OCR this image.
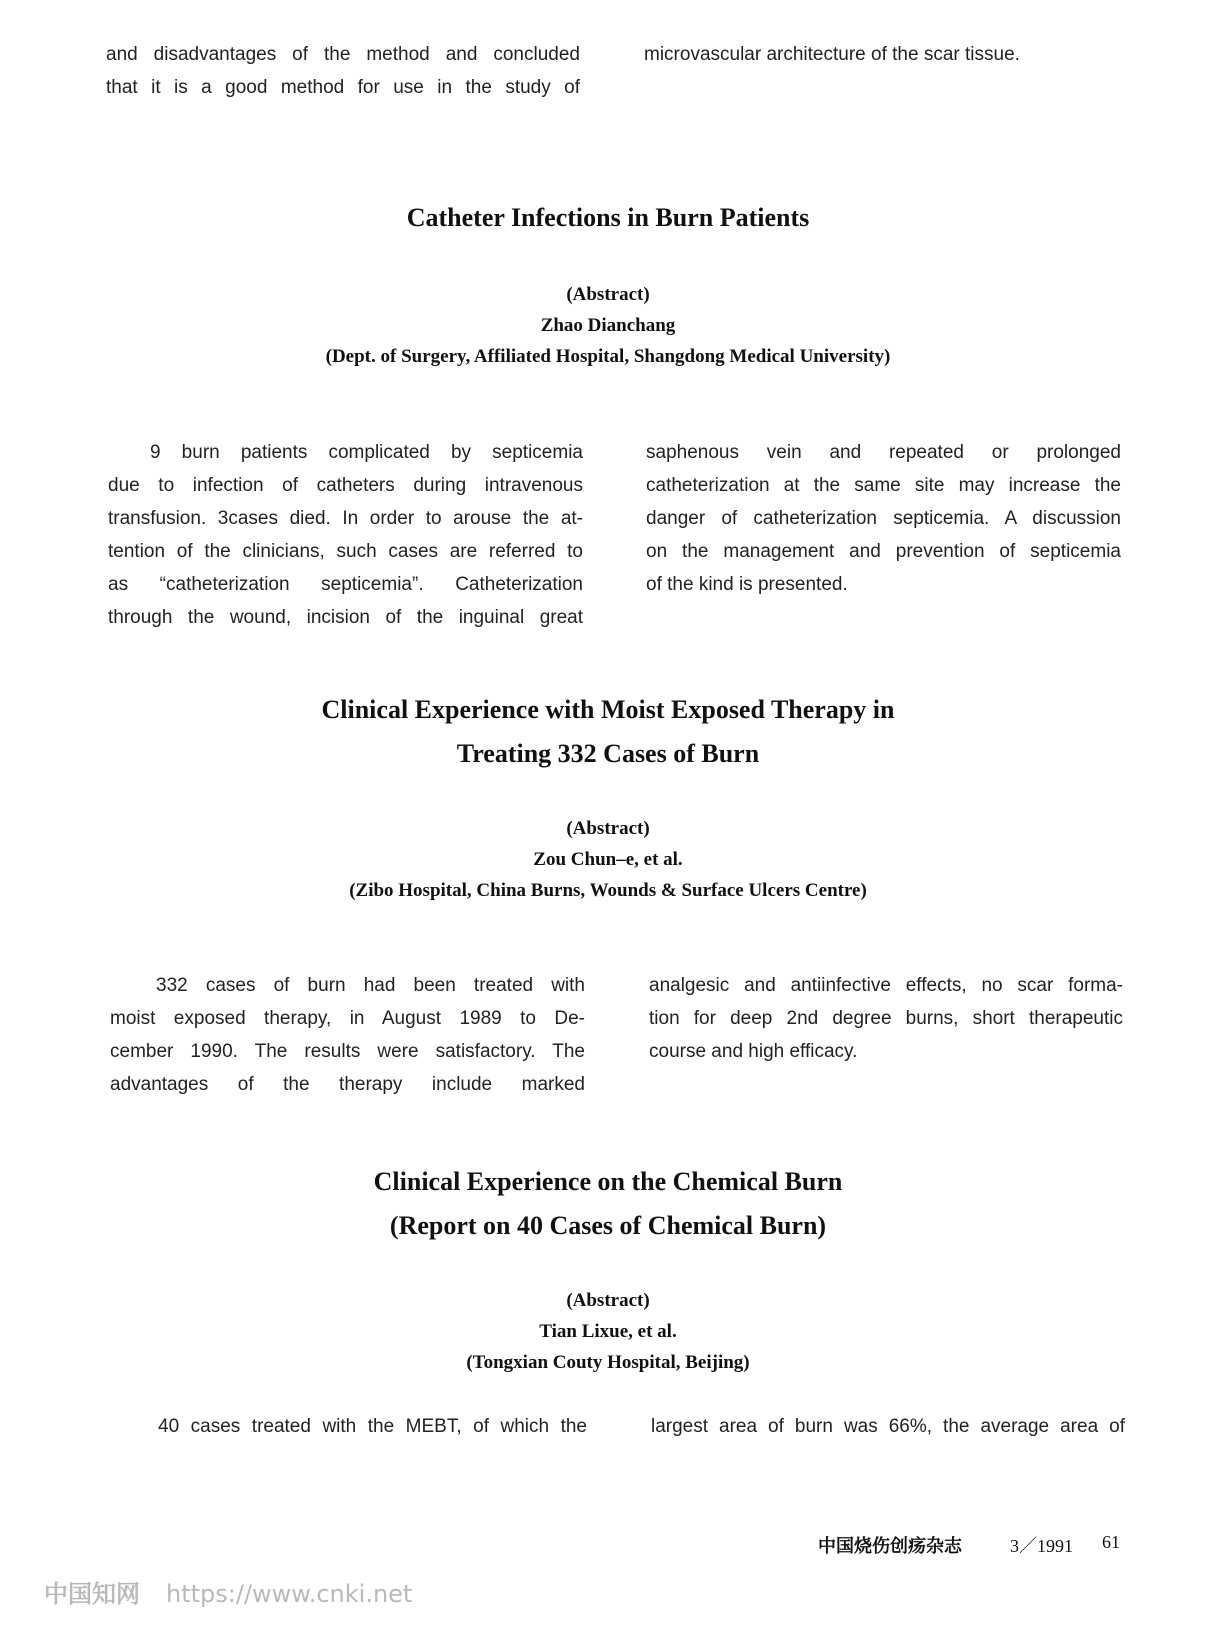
and disadvantages of the method and concluded
that it is a good method for use in the study of
microvascular architecture of the scar tissue.
Catheter Infections in Burn Patients
(Abstract)
Zhao Dianchang
(Dept. of Surgery, Affiliated Hospital, Shangdong Medical University)
9 burn patients complicated by septicemia
due to infection of catheters during intravenous
transfusion. 3cases died. In order to arouse the at-
tention of the clinicians, such cases are referred to
as “catheterization septicemia”. Catheterization
through the wound, incision of the inguinal great
saphenous vein and repeated or prolonged
catheterization at the same site may increase the
danger of catheterization septicemia. A discussion
on the management and prevention of septicemia
of the kind is presented.
Clinical Experience with Moist Exposed Therapy in
Treating 332 Cases of Burn
(Abstract)
Zou Chun–e, et al.
(Zibo Hospital, China Burns, Wounds & Surface Ulcers Centre)
332 cases of burn had been treated with
moist exposed therapy, in August 1989 to De-
cember 1990. The results were satisfactory. The
advantages of the therapy include marked
analgesic and antiinfective effects, no scar forma-
tion for deep 2nd degree burns, short therapeutic
course and high efficacy.
Clinical Experience on the Chemical Burn
(Report on 40 Cases of Chemical Burn)
(Abstract)
Tian Lixue, et al.
(Tongxian Couty Hospital, Beijing)
40 cases treated with the MEBT, of which the	largest area of burn was 66%, the average area of
中国烧伤创疡杂志	3／1991 61
中国知网 https://www.cnki.net
